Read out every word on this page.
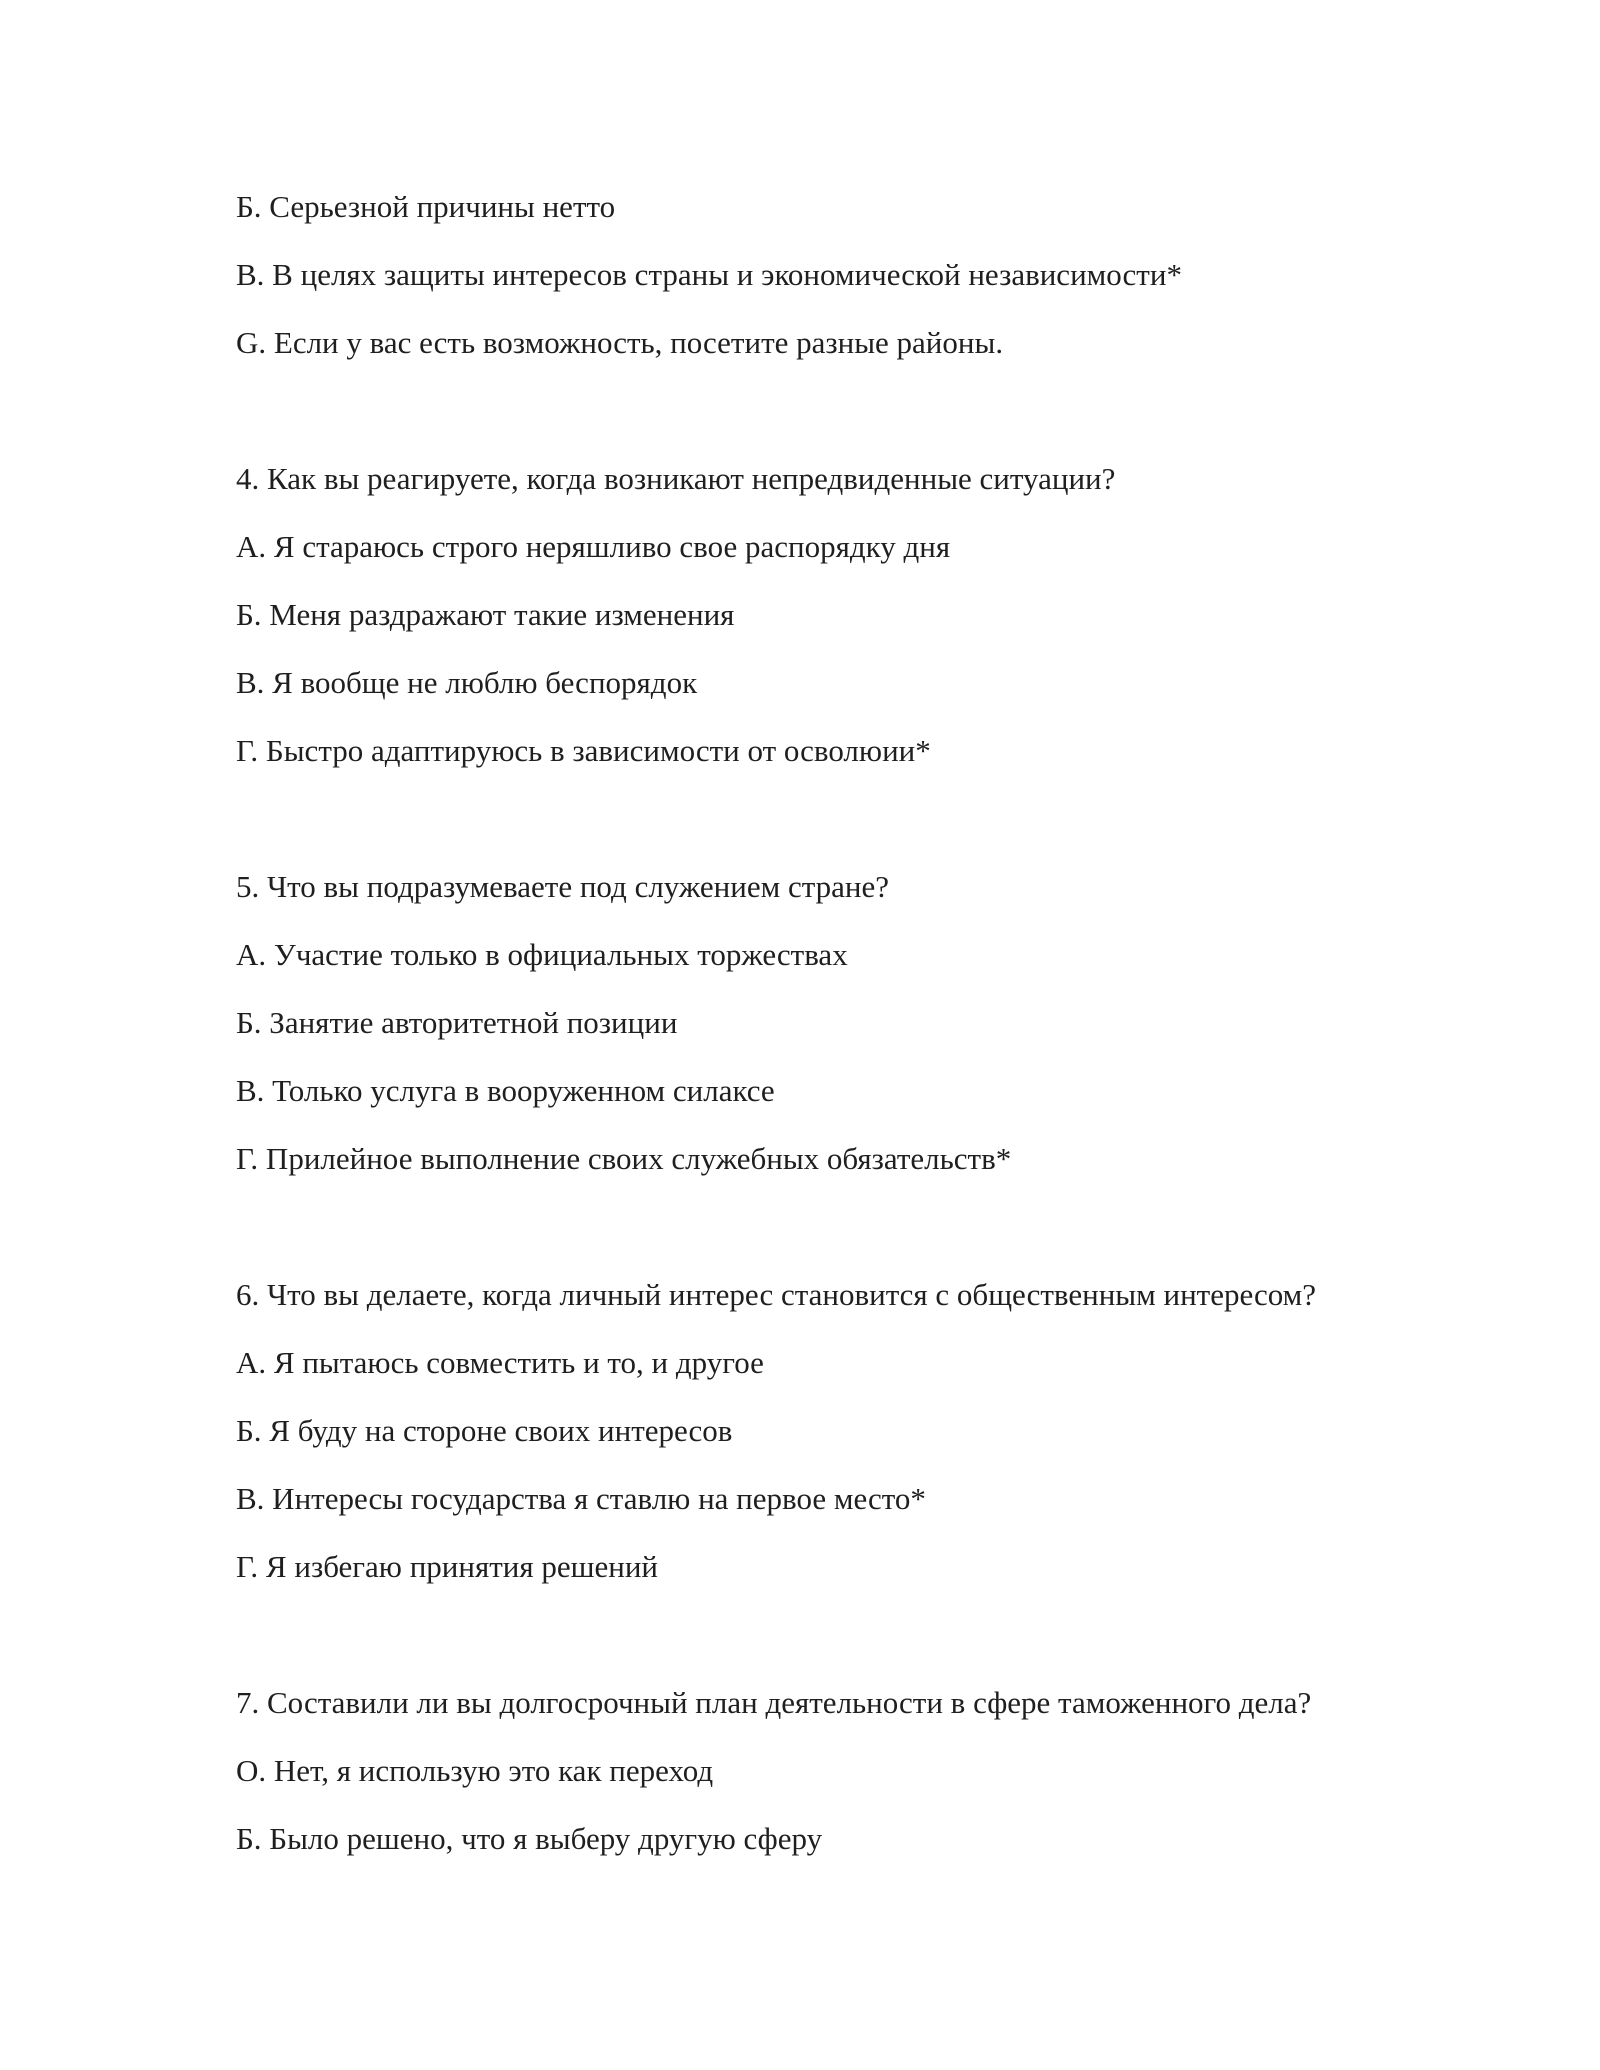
Б. Серьезной причины нетто
В. В целях защиты интересов страны и экономической независимости*
G. Если у вас есть возможность, посетите разные районы.
4. Как вы реагируете, когда возникают непредвиденные ситуации?
А. Я стараюсь строго неряшливо свое распорядку дня
Б. Меня раздражают такие изменения
В. Я вообще не люблю беспорядок
Г. Быстро адаптируюсь в зависимости от осволюии*
5. Что вы подразумеваете под служением стране?
А. Участие только в официальных торжествах
Б. Занятие авторитетной позиции
В. Только услуга в вооруженном силаксе
Г. Прилейное выполнение своих служебных обязательств*
6. Что вы делаете, когда личный интерес становится с общественным интересом?
А. Я пытаюсь совместить и то, и другое
Б. Я буду на стороне своих интересов
В. Интересы государства я ставлю на первое место*
Г. Я избегаю принятия решений
7. Составили ли вы долгосрочный план деятельности в сфере таможенного дела?
О. Нет, я использую это как переход
Б. Было решено, что я выберу другую сферу
